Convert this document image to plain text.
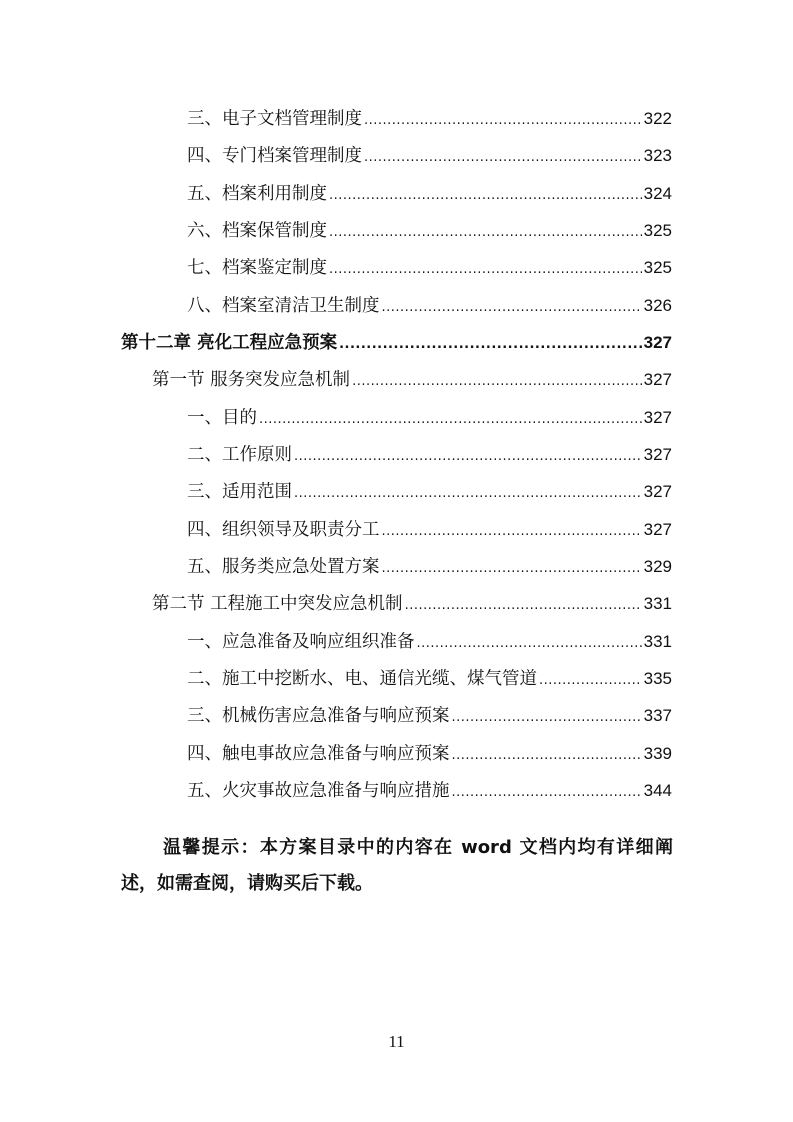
三、电子文档管理制度 .....	322
四、专门档案管理制度 .....	323
五、档案利用制度 .....	324
六、档案保管制度 .....	325
七、档案鉴定制度 .....	325
八、档案室清洁卫生制度 .....	326
第十二章 亮化工程应急预案 .....	327
第一节 服务突发应急机制 .....	327
一、目的 .....	327
二、工作原则 .....	327
三、适用范围 .....	327
四、组织领导及职责分工 .....	327
五、服务类应急处置方案 .....	329
第二节 工程施工中突发应急机制 .....	331
一、应急准备及响应组织准备 .....	331
二、施工中挖断水、电、通信光缆、煤气管道 .....	335
三、机械伤害应急准备与响应预案 .....	337
四、触电事故应急准备与响应预案 .....	339
五、火灾事故应急准备与响应措施 .....	344

温馨提示：本方案目录中的内容在 word 文档内均有详细阐述，如需查阅，请购买后下载。

11
